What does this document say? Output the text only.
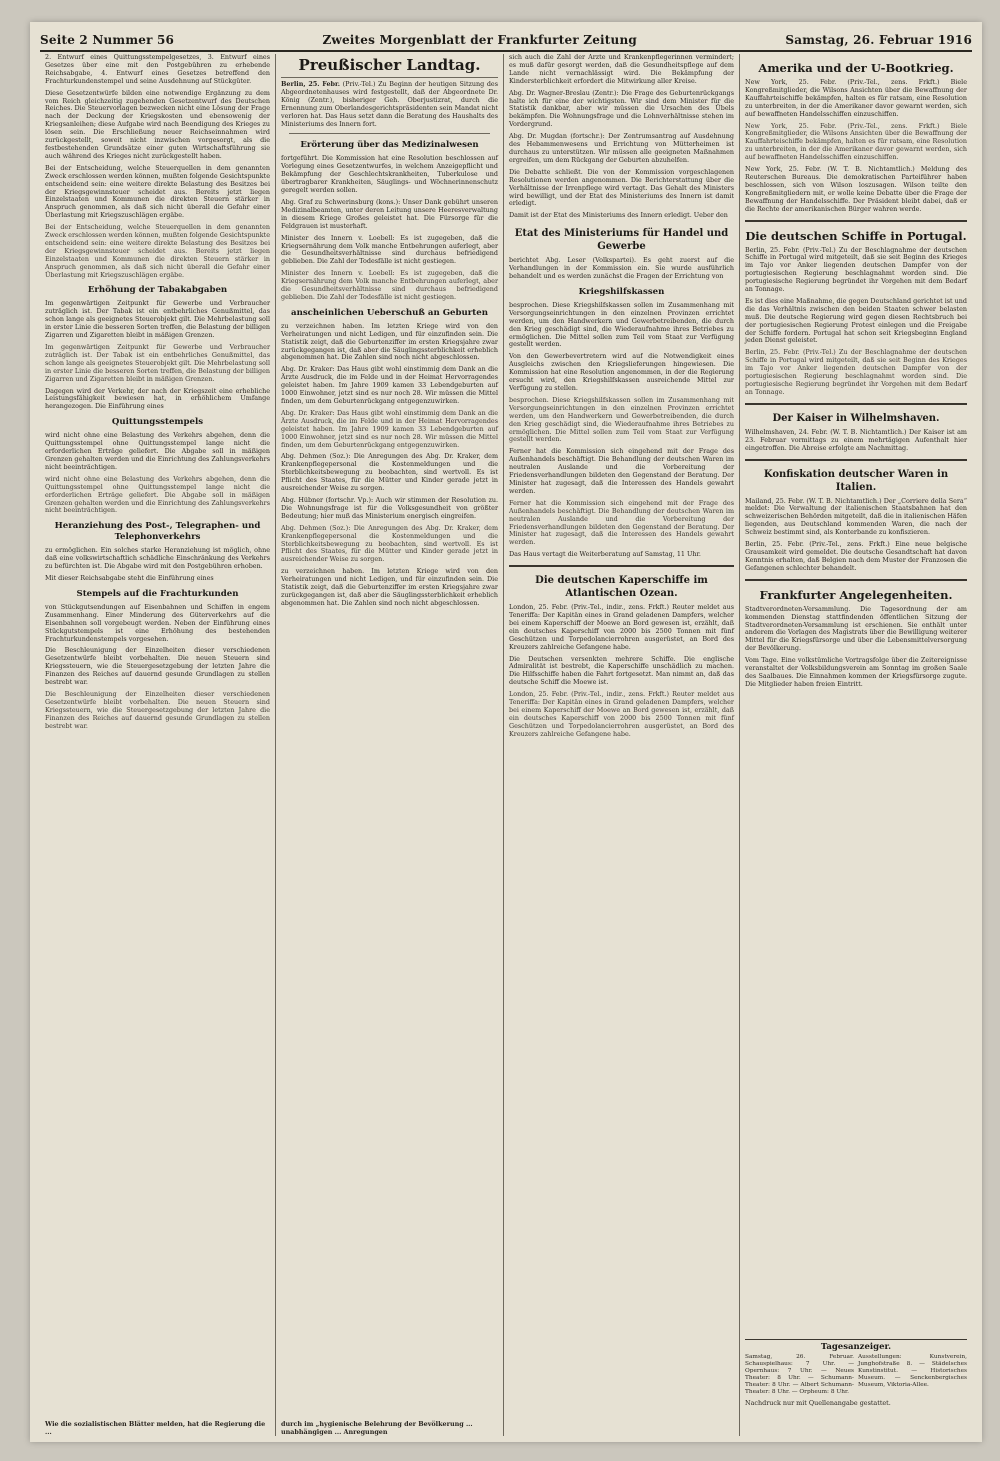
Seite 2 Nummer 56	Zweites Morgenblatt der Frankfurter Zeitung	Samstag, 26. Februar 1916

2. Entwurf eines Quittungsstempelgesetzes, 3. Entwurf eines Gesetzes über eine mit den Postgebühren zu erhebende Reichsabgabe, 4. Entwurf eines Gesetzes betreffend den Frachturkundenstempel und seine Ausdehnung auf Stückgüter.

Diese Gesetzentwürfe bilden eine notwendige Ergänzung zu dem vom Reich gleichzeitig zugehenden Gesetzentwurf des Deutschen Reiches. Die Steuervorlagen bezwecken nicht eine Lösung der Frage nach der Deckung der Kriegskosten und ebensowenig der Kriegsanleihen; diese Aufgabe wird nach Beendigung des Krieges zu lösen sein. Die Erschließung neuer Reichseinnahmen wird zurückgestellt, soweit nicht inzwischen vorgesorgt, als die festbestehenden Grundsätze einer guten Wirtschaftsführung sie auch während des Krieges nicht zurückgestellt haben.

Bei der Entscheidung, welche Steuerquellen in dem genannten Zweck erschlossen werden können, mußten folgende Gesichtspunkte entscheidend sein: eine weitere direkte Belastung des Besitzes bei der Kriegsgewinnsteuer scheidet aus. Bereits jetzt liegen Einzelstaaten und Kommunen die direkten Steuern stärker in Anspruch genommen, als daß sich nicht überall die Gefahr einer Überlastung mit Kriegszuschlägen ergäbe.

Bei der Entscheidung, welche Steuerquellen in dem genannten Zweck erschlossen werden können, mußten folgende Gesichtspunkte entscheidend sein: eine weitere direkte Belastung des Besitzes bei der Kriegsgewinnsteuer scheidet aus. Bereits jetzt liegen Einzelstaaten und Kommunen die direkten Steuern stärker in Anspruch genommen, als daß sich nicht überall die Gefahr einer Überlastung mit Kriegszuschlägen ergäbe.

Erhöhung der Tabakabgaben

Im gegenwärtigen Zeitpunkt für Gewerbe und Verbraucher zuträglich ist. Der Tabak ist ein entbehrliches Genußmittel, das schon lange als geeignetes Steuerobjekt gilt. Die Mehrbelastung soll in erster Linie die besseren Sorten treffen, die Belastung der billigen Zigarren und Zigaretten bleibt in mäßigen Grenzen.

Im gegenwärtigen Zeitpunkt für Gewerbe und Verbraucher zuträglich ist. Der Tabak ist ein entbehrliches Genußmittel, das schon lange als geeignetes Steuerobjekt gilt. Die Mehrbelastung soll in erster Linie die besseren Sorten treffen, die Belastung der billigen Zigarren und Zigaretten bleibt in mäßigen Grenzen.

Dagegen wird der Verkehr, der nach der Kriegszeit eine erhebliche Leistungsfähigkeit bewiesen hat, in erhöhlichem Umfange herangezogen. Die Einführung eines

Quittungsstempels

wird nicht ohne eine Belastung des Verkehrs abgehen, denn die Quittungsstempel ohne Quittungsstempel lange nicht die erforderlichen Erträge geliefert. Die Abgabe soll in mäßigen Grenzen gehalten werden und die Einrichtung des Zahlungsverkehrs nicht beeinträchtigen.

wird nicht ohne eine Belastung des Verkehrs abgehen, denn die Quittungsstempel ohne Quittungsstempel lange nicht die erforderlichen Erträge geliefert. Die Abgabe soll in mäßigen Grenzen gehalten werden und die Einrichtung des Zahlungsverkehrs nicht beeinträchtigen.

Heranziehung des Post-, Telegraphen- und Telephonverkehrs

zu ermöglichen. Ein solches starke Heranziehung ist möglich, ohne daß eine volkswirtschaftlich schädliche Einschränkung des Verkehrs zu befürchten ist. Die Abgabe wird mit den Postgebühren erhoben.

Mit dieser Reichsabgabe steht die Einführung eines

Stempels auf die Frachturkunden

von Stückgutsendungen auf Eisenbahnen und Schiffen in engem Zusammenhang. Einer Minderung des Güterverkehrs auf die Eisenbahnen soll vorgebeugt werden. Neben der Einführung eines Stückgutstempels ist eine Erhöhung des bestehenden Frachturkundenstempels vorgesehen.

Die Beschleunigung der Einzelheiten dieser verschiedenen Gesetzentwürfe bleibt vorbehalten. Die neuen Steuern sind Kriegssteuern, wie die Steuergesetzgebung der letzten Jahre die Finanzen des Reiches auf dauernd gesunde Grundlagen zu stellen bestrebt war.

Die Beschleunigung der Einzelheiten dieser verschiedenen Gesetzentwürfe bleibt vorbehalten. Die neuen Steuern sind Kriegssteuern, wie die Steuergesetzgebung der letzten Jahre die Finanzen des Reiches auf dauernd gesunde Grundlagen zu stellen bestrebt war.

Wie die sozialistischen Blätter melden, hat die Regierung die ...
Preußischer Landtag.

Berlin, 25. Febr. (Priv.-Tel.) Zu Beginn der heutigen Sitzung des Abgeordnetenhauses wird festgestellt, daß der Abgeordnete Dr. König (Zentr.), bisheriger Geh. Oberjustizrat, durch die Ernennung zum Oberlandesgerichtspräsidenten sein Mandat nicht verloren hat. Das Haus setzt dann die Beratung des Haushalts des Ministeriums des Innern fort.

Erörterung über das Medizinalwesen

fortgeführt. Die Kommission hat eine Resolution beschlossen auf Vorlegung eines Gesetzentwurfes, in welchem Anzeigepflicht und Bekämpfung der Geschlechtskrankheiten, Tuberkulose und übertragbarer Krankheiten, Säuglings- und Wöchnerinnenschutz geregelt werden sollen.

Abg. Graf zu Schwerinsburg (kons.): Unser Dank gebührt unseren Medizinalbeamten, unter deren Leitung unsere Heeresverwaltung in diesem Kriege Großes geleistet hat. Die Fürsorge für die Feldgrauen ist musterhaft.

Minister des Innern v. Loebell: Es ist zugegeben, daß die Kriegsernährung dem Volk manche Entbehrungen auferlegt, aber die Gesundheitsverhältnisse sind durchaus befriedigend geblieben. Die Zahl der Todesfälle ist nicht gestiegen.

Minister des Innern v. Loebell: Es ist zugegeben, daß die Kriegsernährung dem Volk manche Entbehrungen auferlegt, aber die Gesundheitsverhältnisse sind durchaus befriedigend geblieben. Die Zahl der Todesfälle ist nicht gestiegen.

anscheinlichen Ueberschuß an Geburten

zu verzeichnen haben. Im letzten Kriege wird von den Verheiratungen und nicht Ledigen, und für einzufinden sein. Die Statistik zeigt, daß die Geburtenziffer im ersten Kriegsjahre zwar zurückgegangen ist, daß aber die Säuglingssterblichkeit erheblich abgenommen hat. Die Zahlen sind noch nicht abgeschlossen.

Abg. Dr. Kraker: Das Haus gibt wohl einstimmig dem Dank an die Ärzte Ausdruck, die im Felde und in der Heimat Hervorragendes geleistet haben. Im Jahre 1909 kamen 33 Lebendgeburten auf 1000 Einwohner, jetzt sind es nur noch 28. Wir müssen die Mittel finden, um dem Geburtenrückgang entgegenzuwirken.

Abg. Dr. Kraker: Das Haus gibt wohl einstimmig dem Dank an die Ärzte Ausdruck, die im Felde und in der Heimat Hervorragendes geleistet haben. Im Jahre 1909 kamen 33 Lebendgeburten auf 1000 Einwohner, jetzt sind es nur noch 28. Wir müssen die Mittel finden, um dem Geburtenrückgang entgegenzuwirken.

Abg. Dehmen (Soz.): Die Anregungen des Abg. Dr. Kraker, dem Krankenpflegepersonal die Kostenmeldungen und die Sterblichkeitsbewegung zu beobachten, sind wertvoll. Es ist Pflicht des Staates, für die Mütter und Kinder gerade jetzt in ausreichender Weise zu sorgen.

Abg. Hübner (fortschr. Vp.): Auch wir stimmen der Resolution zu. Die Wohnungsfrage ist für die Volksgesundheit von größter Bedeutung; hier muß das Ministerium energisch eingreifen.

Abg. Dehmen (Soz.): Die Anregungen des Abg. Dr. Kraker, dem Krankenpflegepersonal die Kostenmeldungen und die Sterblichkeitsbewegung zu beobachten, sind wertvoll. Es ist Pflicht des Staates, für die Mütter und Kinder gerade jetzt in ausreichender Weise zu sorgen.

zu verzeichnen haben. Im letzten Kriege wird von den Verheiratungen und nicht Ledigen, und für einzufinden sein. Die Statistik zeigt, daß die Geburtenziffer im ersten Kriegsjahre zwar zurückgegangen ist, daß aber die Säuglingssterblichkeit erheblich abgenommen hat. Die Zahlen sind noch nicht abgeschlossen.

durch im „hygienische Belehrung der Bevölkerung ... unabhängigen ... Anregungen

sich auch die Zahl der Ärzte und Krankenpflegerinnen vermindert; es muß dafür gesorgt werden, daß die Gesundheitspflege auf dem Lande nicht vernachlässigt wird. Die Bekämpfung der Kindersterblichkeit erfordert die Mitwirkung aller Kreise.

Abg. Dr. Wagner-Breslau (Zentr.): Die Frage des Geburtenrückgangs halte ich für eine der wichtigsten. Wir sind dem Minister für die Statistik dankbar, aber wir müssen die Ursachen des Übels bekämpfen. Die Wohnungsfrage und die Lohnverhältnisse stehen im Vordergrund.

Abg. Dr. Mugdan (fortschr.): Der Zentrumsantrag auf Ausdehnung des Hebammenwesens und Errichtung von Mütterheimen ist durchaus zu unterstützen. Wir müssen alle geeigneten Maßnahmen ergreifen, um dem Rückgang der Geburten abzuhelfen.

Die Debatte schließt. Die von der Kommission vorgeschlagenen Resolutionen werden angenommen. Die Berichterstattung über die Verhältnisse der Irrenpflege wird vertagt. Das Gehalt des Ministers wird bewilligt, und der Etat des Ministeriums des Innern ist damit erledigt.

Damit ist der Etat des Ministeriums des Innern erledigt. Ueber den

Etat des Ministeriums für Handel und Gewerbe

berichtet Abg. Leser (Volkspartei). Es geht zuerst auf die Verhandlungen in der Kommission ein. Sie wurde ausführlich behandelt und es werden zunächst die Fragen der Errichtung von

Kriegshilfskassen

besprochen. Diese Kriegshilfskassen sollen im Zusammenhang mit Versorgungseinrichtungen in den einzelnen Provinzen errichtet werden, um den Handwerkern und Gewerbetreibenden, die durch den Krieg geschädigt sind, die Wiederaufnahme ihres Betriebes zu ermöglichen. Die Mittel sollen zum Teil vom Staat zur Verfügung gestellt werden.

Von den Gewerbevertretern wird auf die Notwendigkeit eines Ausgleichs zwischen den Kriegslieferungen hingewiesen. Die Kommission hat eine Resolution angenommen, in der die Regierung ersucht wird, den Kriegshilfskassen ausreichende Mittel zur Verfügung zu stellen.

besprochen. Diese Kriegshilfskassen sollen im Zusammenhang mit Versorgungseinrichtungen in den einzelnen Provinzen errichtet werden, um den Handwerkern und Gewerbetreibenden, die durch den Krieg geschädigt sind, die Wiederaufnahme ihres Betriebes zu ermöglichen. Die Mittel sollen zum Teil vom Staat zur Verfügung gestellt werden.

Ferner hat die Kommission sich eingehend mit der Frage des Außenhandels beschäftigt. Die Behandlung der deutschen Waren im neutralen Auslande und die Vorbereitung der Friedensverhandlungen bildeten den Gegenstand der Beratung. Der Minister hat zugesagt, daß die Interessen des Handels gewahrt werden.

Ferner hat die Kommission sich eingehend mit der Frage des Außenhandels beschäftigt. Die Behandlung der deutschen Waren im neutralen Auslande und die Vorbereitung der Friedensverhandlungen bildeten den Gegenstand der Beratung. Der Minister hat zugesagt, daß die Interessen des Handels gewahrt werden.

Das Haus vertagt die Weiterberatung auf Samstag, 11 Uhr.

Die deutschen Kaperschiffe im Atlantischen Ozean.

London, 25. Febr. (Priv.-Tel., indir., zens. Frkft.) Reuter meldet aus Teneriffa: Der Kapitän eines in Grand geladenen Dampfers, welcher bei einem Kaperschiff der Moewe an Bord gewesen ist, erzählt, daß ein deutsches Kaperschiff von 2000 bis 2500 Tonnen mit fünf Geschützen und Torpedolancierrohren ausgerüstet, an Bord des Kreuzers zahlreiche Gefangene habe.

Die Deutschen versenkten mehrere Schiffe. Die englische Admiralität ist bestrebt, die Kaperschiffe unschädlich zu machen. Die Hilfsschiffe haben die Fahrt fortgesetzt. Man nimmt an, daß das deutsche Schiff die Moewe ist.

London, 25. Febr. (Priv.-Tel., indir., zens. Frkft.) Reuter meldet aus Teneriffa: Der Kapitän eines in Grand geladenen Dampfers, welcher bei einem Kaperschiff der Moewe an Bord gewesen ist, erzählt, daß ein deutsches Kaperschiff von 2000 bis 2500 Tonnen mit fünf Geschützen und Torpedolancierrohren ausgerüstet, an Bord des Kreuzers zahlreiche Gefangene habe.

Amerika und der U-Bootkrieg.

New York, 25. Febr. (Priv.-Tel., zens. Frkft.) Biele Kongreßmitglieder, die Wilsons Ansichten über die Bewaffnung der Kauffahrteischiffe bekämpfen, halten es für ratsam, eine Resolution zu unterbreiten, in der die Amerikaner davor gewarnt werden, sich auf bewaffneten Handelsschiffen einzuschiffen.

New York, 25. Febr. (Priv.-Tel., zens. Frkft.) Biele Kongreßmitglieder, die Wilsons Ansichten über die Bewaffnung der Kauffahrteischiffe bekämpfen, halten es für ratsam, eine Resolution zu unterbreiten, in der die Amerikaner davor gewarnt werden, sich auf bewaffneten Handelsschiffen einzuschiffen.

New York, 25. Febr. (W. T. B. Nichtamtlich.) Meldung des Reuterschen Bureaus. Die demokratischen Parteiführer haben beschlossen, sich von Wilson loszusagen. Wilson teilte den Kongreßmitgliedern mit, er wolle keine Debatte über die Frage der Bewaffnung der Handelsschiffe. Der Präsident bleibt dabei, daß er die Rechte der amerikanischen Bürger wahren werde.

Die deutschen Schiffe in Portugal.

Berlin, 25. Febr. (Priv.-Tel.) Zu der Beschlagnahme der deutschen Schiffe in Portugal wird mitgeteilt, daß sie seit Beginn des Krieges im Tajo vor Anker liegenden deutschen Dampfer von der portugiesischen Regierung beschlagnahmt worden sind. Die portugiesische Regierung begründet ihr Vorgehen mit dem Bedarf an Tonnage.

Es ist dies eine Maßnahme, die gegen Deutschland gerichtet ist und die das Verhältnis zwischen den beiden Staaten schwer belasten muß. Die deutsche Regierung wird gegen diesen Rechtsbruch bei der portugiesischen Regierung Protest einlegen und die Freigabe der Schiffe fordern. Portugal hat schon seit Kriegsbeginn England jeden Dienst geleistet.

Berlin, 25. Febr. (Priv.-Tel.) Zu der Beschlagnahme der deutschen Schiffe in Portugal wird mitgeteilt, daß sie seit Beginn des Krieges im Tajo vor Anker liegenden deutschen Dampfer von der portugiesischen Regierung beschlagnahmt worden sind. Die portugiesische Regierung begründet ihr Vorgehen mit dem Bedarf an Tonnage.

Der Kaiser in Wilhelmshaven.

Wilhelmshaven, 24. Febr. (W. T. B. Nichtamtlich.) Der Kaiser ist am 23. Februar vormittags zu einem mehrtägigen Aufenthalt hier eingetroffen. Die Abreise erfolgte am Nachmittag.

Konfiskation deutscher Waren in Italien.

Mailand, 25. Febr. (W. T. B. Nichtamtlich.) Der „Corriere della Sera“ meldet: Die Verwaltung der italienischen Staatsbahnen hat den schweizerischen Behörden mitgeteilt, daß die in italienischen Häfen liegenden, aus Deutschland kommenden Waren, die nach der Schweiz bestimmt sind, als Konterbande zu konfiszieren.

Berlin, 25. Febr. (Priv.-Tel., zens. Frkft.) Eine neue belgische Grausamkeit wird gemeldet. Die deutsche Gesandtschaft hat davon Kenntnis erhalten, daß Belgien nach dem Muster der Franzosen die Gefangenen schlechter behandelt.

Frankfurter Angelegenheiten.

Stadtverordneten-Versammlung. Die Tagesordnung der am kommenden Dienstag stattfindenden öffentlichen Sitzung der Stadtverordneten-Versammlung ist erschienen. Sie enthält unter anderem die Vorlagen des Magistrats über die Bewilligung weiterer Mittel für die Kriegsfürsorge und über die Lebensmittelversorgung der Bevölkerung.

Vom Tage. Eine volkstümliche Vortragsfolge über die Zeitereignisse veranstaltet der Volksbildungsverein am Sonntag im großen Saale des Saalbaues. Die Einnahmen kommen der Kriegsfürsorge zugute. Die Mitglieder haben freien Eintritt.

Tagesanzeiger.

Samstag, 26. Februar. Schauspielhaus: 7 Uhr. — Opernhaus: 7 Uhr. — Neues Theater: 8 Uhr. — Schumann-Theater: 8 Uhr. — Albert Schumann-Theater: 8 Uhr. — Orpheum: 8 Uhr.

Ausstellungen: Kunstverein, Junghofstraße 8. — Städelsches Kunstinstitut. — Historisches Museum. — Senckenbergisches Museum, Viktoria-Allee.

Nachdruck nur mit Quellenangabe gestattet.
